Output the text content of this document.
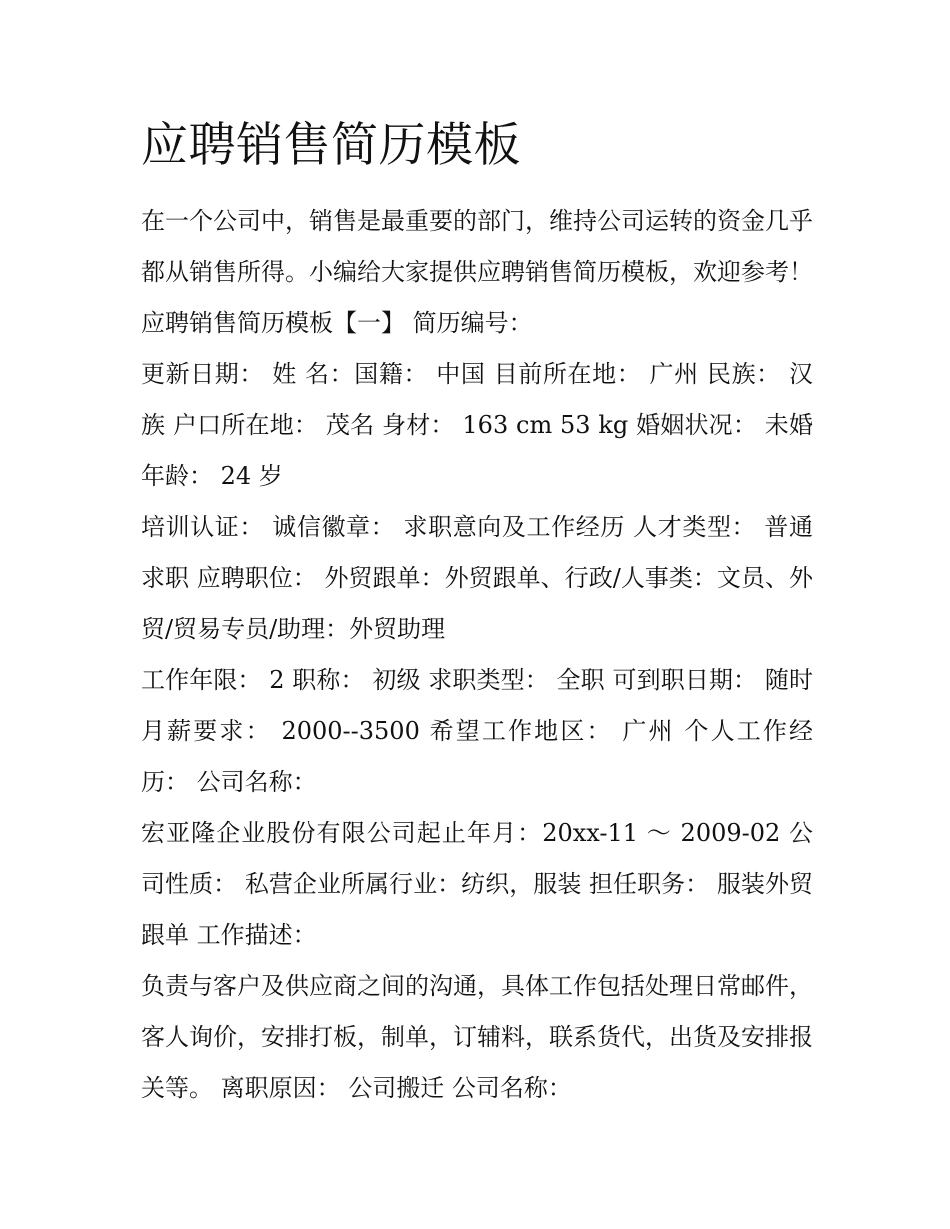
应聘销售简历模板

在一个公司中，销售是最重要的部门，维持公司运转的资金几乎都从销售所得。小编给大家提供应聘销售简历模板，欢迎参考！ 应聘销售简历模板【一】 简历编号：

更新日期： 姓 名：国籍： 中国 目前所在地： 广州 民族： 汉族 户口所在地： 茂名 身材： 163 cm 53 kg 婚姻状况： 未婚 年龄： 24 岁

培训认证： 诚信徽章： 求职意向及工作经历 人才类型： 普通求职 应聘职位： 外贸跟单：外贸跟单、行政/人事类：文员、外贸/贸易专员/助理：外贸助理

工作年限： 2 职称： 初级 求职类型： 全职 可到职日期： 随时 月薪要求： 2000--3500 希望工作地区： 广州 个人工作经历： 公司名称：

宏亚隆企业股份有限公司起止年月：20xx-11 ～ 2009-02 公司性质： 私营企业所属行业：纺织，服装 担任职务： 服装外贸跟单 工作描述：

负责与客户及供应商之间的沟通，具体工作包括处理日常邮件，客人询价，安排打板，制单，订辅料，联系货代，出货及安排报关等。 离职原因： 公司搬迁 公司名称：
